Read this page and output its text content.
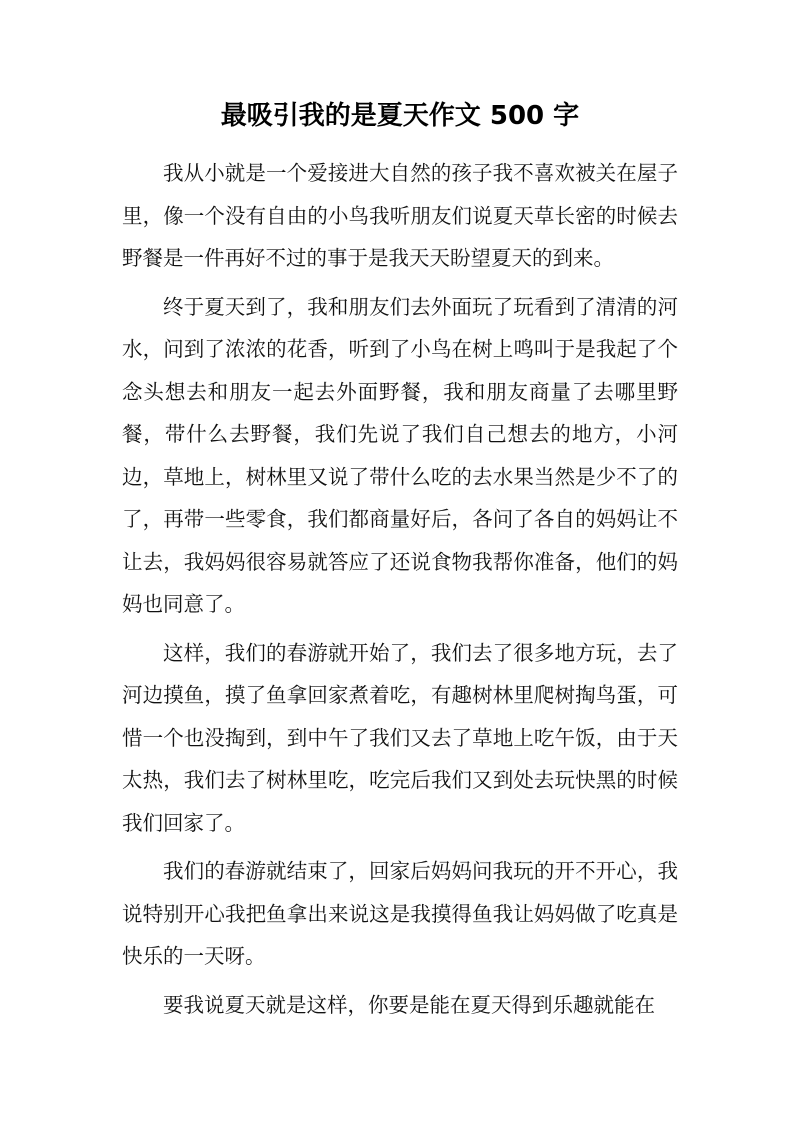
最吸引我的是夏天作文 500 字

我从小就是一个爱接进大自然的孩子我不喜欢被关在屋子里，像一个没有自由的小鸟我听朋友们说夏天草长密的时候去野餐是一件再好不过的事于是我天天盼望夏天的到来。

终于夏天到了，我和朋友们去外面玩了玩看到了清清的河水，问到了浓浓的花香，听到了小鸟在树上鸣叫于是我起了个念头想去和朋友一起去外面野餐，我和朋友商量了去哪里野餐，带什么去野餐，我们先说了我们自己想去的地方，小河边，草地上，树林里又说了带什么吃的去水果当然是少不了的了，再带一些零食，我们都商量好后，各问了各自的妈妈让不让去，我妈妈很容易就答应了还说食物我帮你准备，他们的妈妈也同意了。

这样，我们的春游就开始了，我们去了很多地方玩，去了河边摸鱼，摸了鱼拿回家煮着吃，有趣树林里爬树掏鸟蛋，可惜一个也没掏到，到中午了我们又去了草地上吃午饭，由于天太热，我们去了树林里吃，吃完后我们又到处去玩快黑的时候我们回家了。

我们的春游就结束了，回家后妈妈问我玩的开不开心，我说特别开心我把鱼拿出来说这是我摸得鱼我让妈妈做了吃真是快乐的一天呀。

要我说夏天就是这样，你要是能在夏天得到乐趣就能在
